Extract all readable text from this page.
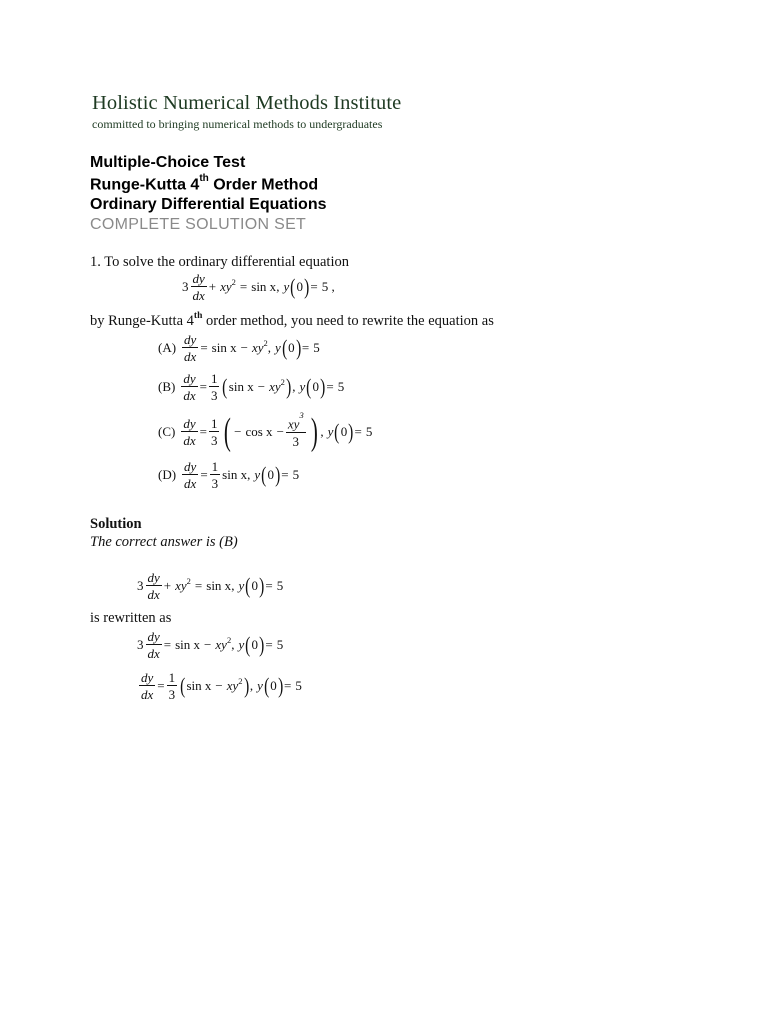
Holistic Numerical Methods Institute
committed to bringing numerical methods to undergraduates
Multiple-Choice Test
Runge-Kutta 4th Order Method
Ordinary Differential Equations
COMPLETE SOLUTION SET
1. To solve the ordinary differential equation
$3 \frac{dy}{dx} + xy^2 = \sin x$ , y ( 0 ) = 5 ,
by Runge-Kutta 4th order method, you need to rewrite the equation as
$(A) \frac{dy}{dx} = \sin x - xy^2$ , y ( 0 ) = 5
$(B) \frac{dy}{dx} = \frac{1}{3}$ ( $\sin x - xy^2$ ) , y ( 0 ) = 5
$(C) \frac{dy}{dx} = \frac{1}{3}$ ( − $\cos x - \frac{xy^3}{3}$ ) , y ( 0 ) = 5
$(D) \frac{dy}{dx} = \frac{1}{3}$ sin x , y ( 0 ) = 5
Solution
The correct answer is (B)
$3 \frac{dy}{dx} + xy^2 = \sin x$ , y ( 0 ) = 5
is rewritten as
$3 \frac{dy}{dx} = \sin x - xy^2$ , y ( 0 ) = 5
$\frac{dy}{dx} = \frac{1}{3}$ ( $\sin x - xy^2$ ) , y ( 0 ) = 5
